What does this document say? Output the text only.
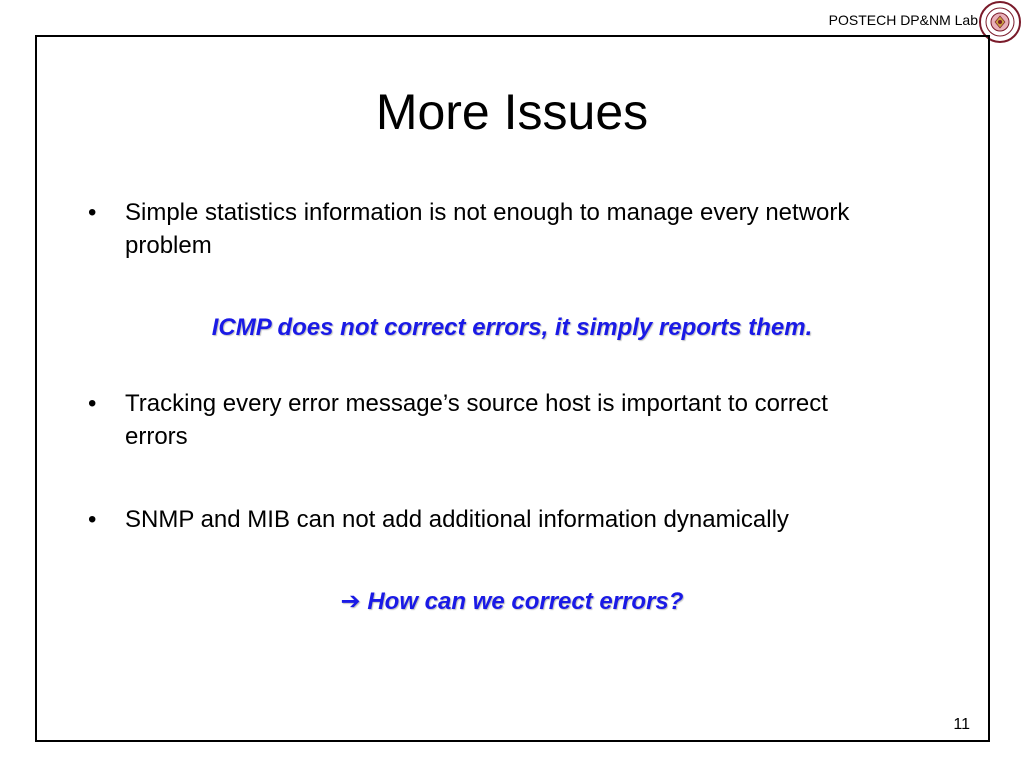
POSTECH DP&NM Lab
More Issues
• Simple statistics information is not enough to manage every network problem
ICMP does not correct errors, it simply reports them.
• Tracking every error message’s source host is important to correct errors
• SNMP and MIB can not add additional information dynamically
➔ How can we correct errors?
11
